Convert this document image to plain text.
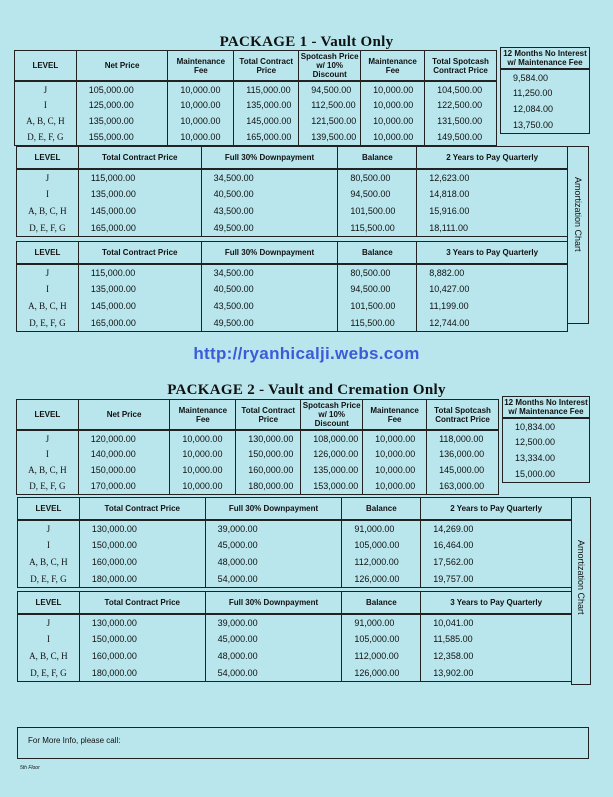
PACKAGE 1 - Vault Only
LEVEL	Net Price	Maintenance Fee	Total Contract Price	Spotcash Price w/ 10% Discount	Maintenance Fee	Total Spotcash Contract Price
J	105,000.00	10,000.00	115,000.00	94,500.00	10,000.00	104,500.00
I	125,000.00	10,000.00	135,000.00	112,500.00	10,000.00	122,500.00
A, B, C, H	135,000.00	10,000.00	145,000.00	121,500.00	10,000.00	131,500.00
D, E, F, G	155,000.00	10,000.00	165,000.00	139,500.00	10,000.00	149,500.00
12 Months No Interest w/ Maintenance Fee
9,584.00
11,250.00
12,084.00
13,750.00
LEVEL	Total Contract Price	Full 30% Downpayment	Balance	2 Years to Pay Quarterly
J	115,000.00	34,500.00	80,500.00	12,623.00
I	135,000.00	40,500.00	94,500.00	14,818.00
A, B, C, H	145,000.00	43,500.00	101,500.00	15,916.00
D, E, F, G	165,000.00	49,500.00	115,500.00	18,111.00
LEVEL	Total Contract Price	Full 30% Downpayment	Balance	3 Years to Pay Quarterly
J	115,000.00	34,500.00	80,500.00	8,882.00
I	135,000.00	40,500.00	94,500.00	10,427.00
A, B, C, H	145,000.00	43,500.00	101,500.00	11,199.00
D, E, F, G	165,000.00	49,500.00	115,500.00	12,744.00
Amortization Chart
http://ryanhicalji.webs.com
PACKAGE 2 - Vault and Cremation Only
LEVEL	Net Price	Maintenance Fee	Total Contract Price	Spotcash Price w/ 10% Discount	Maintenance Fee	Total Spotcash Contract Price
J	120,000.00	10,000.00	130,000.00	108,000.00	10,000.00	118,000.00
I	140,000.00	10,000.00	150,000.00	126,000.00	10,000.00	136,000.00
A, B, C, H	150,000.00	10,000.00	160,000.00	135,000.00	10,000.00	145,000.00
D, E, F, G	170,000.00	10,000.00	180,000.00	153,000.00	10,000.00	163,000.00
12 Months No Interest w/ Maintenance Fee
10,834.00
12,500.00
13,334.00
15,000.00
LEVEL	Total Contract Price	Full 30% Downpayment	Balance	2 Years to Pay Quarterly
J	130,000.00	39,000.00	91,000.00	14,269.00
I	150,000.00	45,000.00	105,000.00	16,464.00
A, B, C, H	160,000.00	48,000.00	112,000.00	17,562.00
D, E, F, G	180,000.00	54,000.00	126,000.00	19,757.00
LEVEL	Total Contract Price	Full 30% Downpayment	Balance	3 Years to Pay Quarterly
J	130,000.00	39,000.00	91,000.00	10,041.00
I	150,000.00	45,000.00	105,000.00	11,585.00
A, B, C, H	160,000.00	48,000.00	112,000.00	12,358.00
D, E, F, G	180,000.00	54,000.00	126,000.00	13,902.00
Amortization Chart
For More Info, please call:
5th Floor
